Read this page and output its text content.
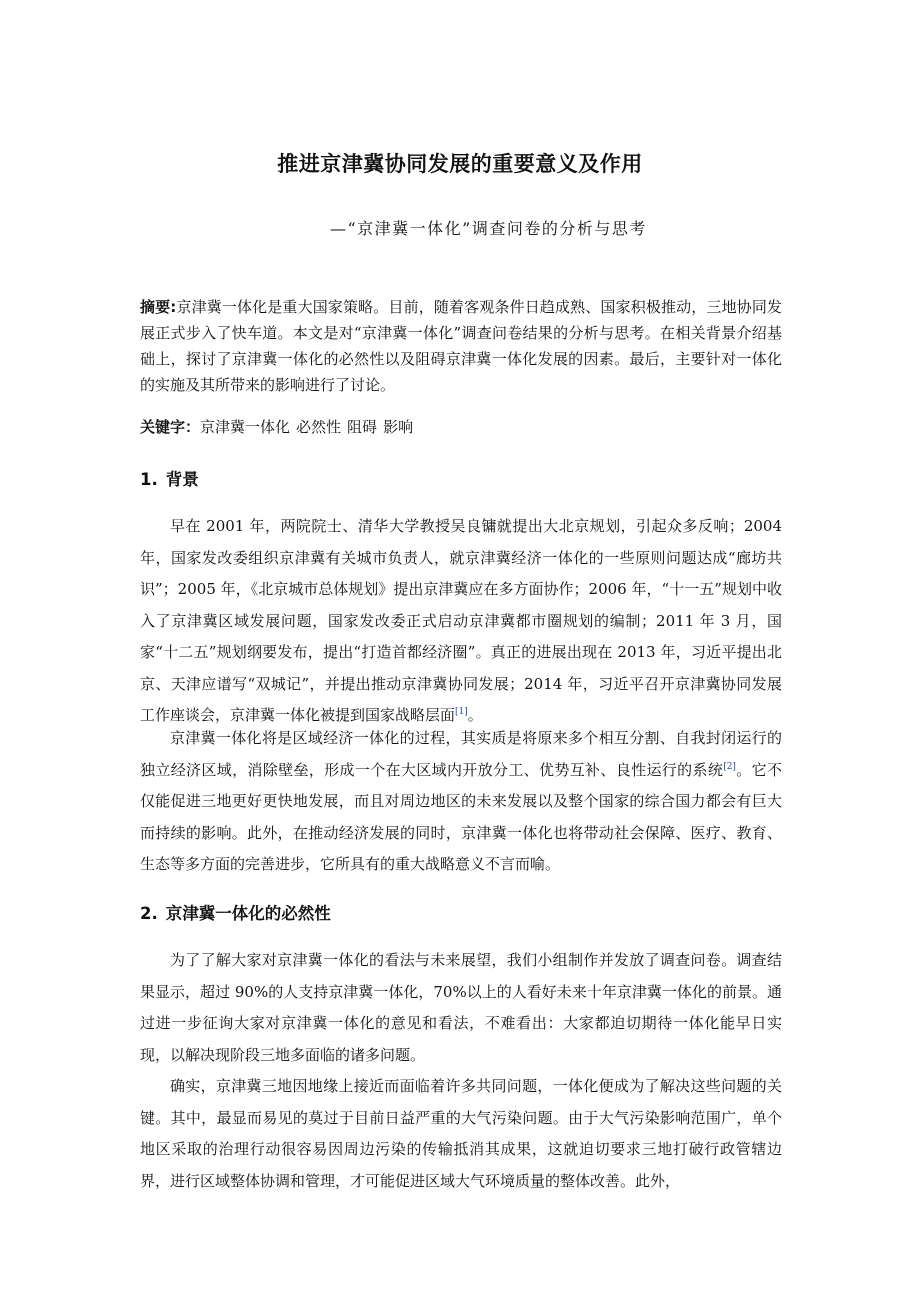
推进京津冀协同发展的重要意义及作用
—“京津冀一体化”调查问卷的分析与思考
摘要:京津冀一体化是重大国家策略。目前，随着客观条件日趋成熟、国家积极推动，三地协同发展正式步入了快车道。本文是对“京津冀一体化”调查问卷结果的分析与思考。在相关背景介绍基础上，探讨了京津冀一体化的必然性以及阻碍京津冀一体化发展的因素。最后，主要针对一体化的实施及其所带来的影响进行了讨论。
关键字：京津冀一体化 必然性 阻碍 影响
1. 背景
早在 2001 年，两院院士、清华大学教授吴良镛就提出大北京规划，引起众多反响；2004 年，国家发改委组织京津冀有关城市负责人，就京津冀经济一体化的一些原则问题达成“廊坊共识”；2005 年，《北京城市总体规划》提出京津冀应在多方面协作；2006 年，“十一五”规划中收入了京津冀区域发展问题，国家发改委正式启动京津冀都市圈规划的编制；2011 年 3 月，国家“十二五”规划纲要发布，提出“打造首都经济圈”。真正的进展出现在 2013 年，习近平提出北京、天津应谱写“双城记”，并提出推动京津冀协同发展；2014 年，习近平召开京津冀协同发展工作座谈会，京津冀一体化被提到国家战略层面[1]。
京津冀一体化将是区域经济一体化的过程，其实质是将原来多个相互分割、自我封闭运行的独立经济区域，消除壁垒，形成一个在大区域内开放分工、优势互补、良性运行的系统[2]。它不仅能促进三地更好更快地发展，而且对周边地区的未来发展以及整个国家的综合国力都会有巨大而持续的影响。此外，在推动经济发展的同时，京津冀一体化也将带动社会保障、医疗、教育、生态等多方面的完善进步，它所具有的重大战略意义不言而喻。
2. 京津冀一体化的必然性
为了了解大家对京津冀一体化的看法与未来展望，我们小组制作并发放了调查问卷。调查结果显示，超过 90%的人支持京津冀一体化，70%以上的人看好未来十年京津冀一体化的前景。通过进一步征询大家对京津冀一体化的意见和看法，不难看出：大家都迫切期待一体化能早日实现，以解决现阶段三地多面临的诸多问题。
确实，京津冀三地因地缘上接近而面临着许多共同问题，一体化便成为了解决这些问题的关键。其中，最显而易见的莫过于目前日益严重的大气污染问题。由于大气污染影响范围广，单个地区采取的治理行动很容易因周边污染的传输抵消其成果，这就迫切要求三地打破行政管辖边界，进行区域整体协调和管理，才可能促进区域大气环境质量的整体改善。此外，
